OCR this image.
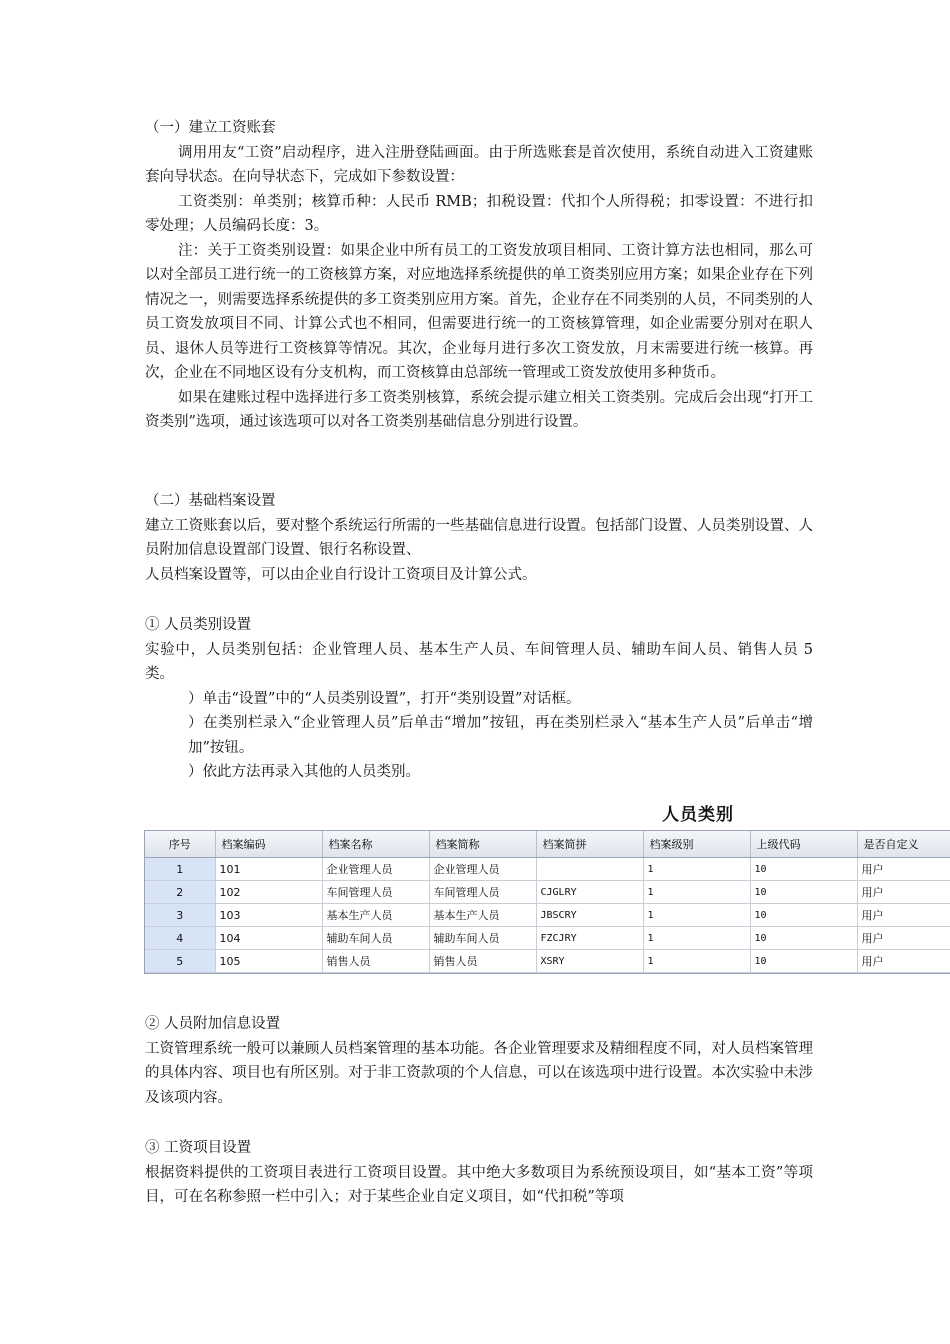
（一）建立工资账套

调用用友“工资”启动程序，进入注册登陆画面。由于所选账套是首次使用，系统自动进入工资建账套向导状态。在向导状态下，完成如下参数设置：

工资类别：单类别；核算币种：人民币 RMB；扣税设置：代扣个人所得税；扣零设置：不进行扣零处理；人员编码长度：3。

注：关于工资类别设置：如果企业中所有员工的工资发放项目相同、工资计算方法也相同，那么可以对全部员工进行统一的工资核算方案，对应地选择系统提供的单工资类别应用方案；如果企业存在下列情况之一，则需要选择系统提供的多工资类别应用方案。首先，企业存在不同类别的人员，不同类别的人员工资发放项目不同、计算公式也不相同，但需要进行统一的工资核算管理，如企业需要分别对在职人员、退休人员等进行工资核算等情况。其次，企业每月进行多次工资发放，月末需要进行统一核算。再次，企业在不同地区设有分支机构，而工资核算由总部统一管理或工资发放使用多种货币。

如果在建账过程中选择进行多工资类别核算，系统会提示建立相关工资类别。完成后会出现“打开工资类别”选项，通过该选项可以对各工资类别基础信息分别进行设置。

（二）基础档案设置

建立工资账套以后，要对整个系统运行所需的一些基础信息进行设置。包括部门设置、人员类别设置、人员附加信息设置部门设置、银行名称设置、

人员档案设置等，可以由企业自行设计工资项目及计算公式。

① 人员类别设置

实验中，人员类别包括：企业管理人员、基本生产人员、车间管理人员、辅助车间人员、销售人员 5 类。

）单击“设置”中的“人员类别设置”，打开“类别设置”对话框。

）在类别栏录入“企业管理人员”后单击“增加”按钮，再在类别栏录入“基本生产人员”后单击“增加”按钮。

）依此方法再录入其他的人员类别。

人员类别
序号	档案编码	档案名称	档案简称	档案简拼	档案级别	上级代码	是否自定义
1	101	企业管理人员	企业管理人员		1	10	用户
2	102	车间管理人员	车间管理人员	CJGLRY	1	10	用户
3	103	基本生产人员	基本生产人员	JBSCRY	1	10	用户
4	104	辅助车间人员	辅助车间人员	FZCJRY	1	10	用户
5	105	销售人员	销售人员	XSRY	1	10	用户

② 人员附加信息设置

工资管理系统一般可以兼顾人员档案管理的基本功能。各企业管理要求及精细程度不同，对人员档案管理的具体内容、项目也有所区别。对于非工资款项的个人信息，可以在该选项中进行设置。本次实验中未涉及该项内容。

③ 工资项目设置

根据资料提供的工资项目表进行工资项目设置。其中绝大多数项目为系统预设项目，如“基本工资”等项目，可在名称参照一栏中引入；对于某些企业自定义项目，如“代扣税”等项
